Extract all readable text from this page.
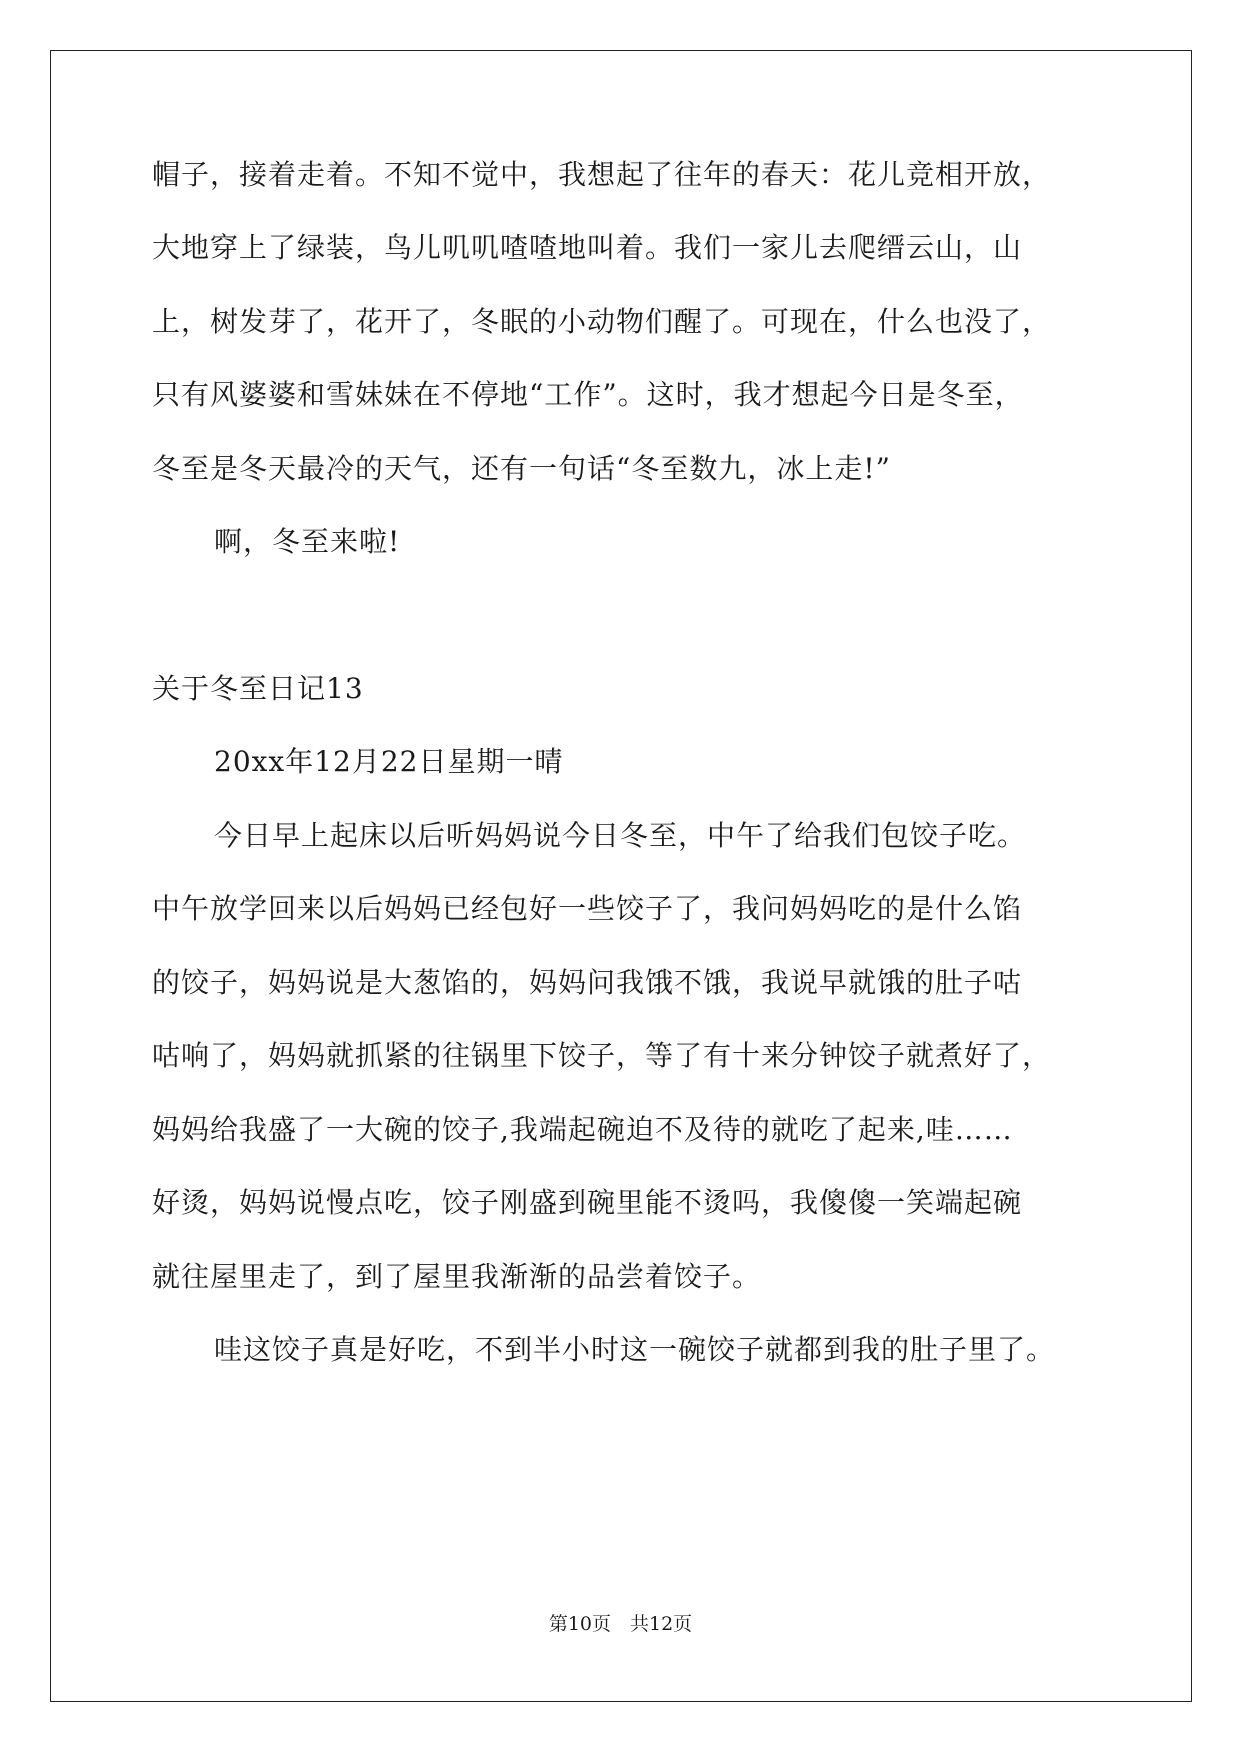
帽子，接着走着。不知不觉中，我想起了往年的春天：花儿竞相开放，
大地穿上了绿装，鸟儿叽叽喳喳地叫着。我们一家儿去爬缙云山，山
上，树发芽了，花开了，冬眠的小动物们醒了。可现在，什么也没了，
只有风婆婆和雪妹妹在不停地“工作”。这时，我才想起今日是冬至，
冬至是冬天最冷的天气，还有一句话“冬至数九，冰上走!”
啊，冬至来啦!
关于冬至日记13
20xx年12月22日星期一晴
今日早上起床以后听妈妈说今日冬至，中午了给我们包饺子吃。
中午放学回来以后妈妈已经包好一些饺子了，我问妈妈吃的是什么馅
的饺子，妈妈说是大葱馅的，妈妈问我饿不饿，我说早就饿的肚子咕
咕响了，妈妈就抓紧的往锅里下饺子，等了有十来分钟饺子就煮好了，
妈妈给我盛了一大碗的饺子,我端起碗迫不及待的就吃了起来,哇……
好烫，妈妈说慢点吃，饺子刚盛到碗里能不烫吗，我傻傻一笑端起碗
就往屋里走了，到了屋里我渐渐的品尝着饺子。
哇这饺子真是好吃，不到半小时这一碗饺子就都到我的肚子里了。
第10页　共12页
